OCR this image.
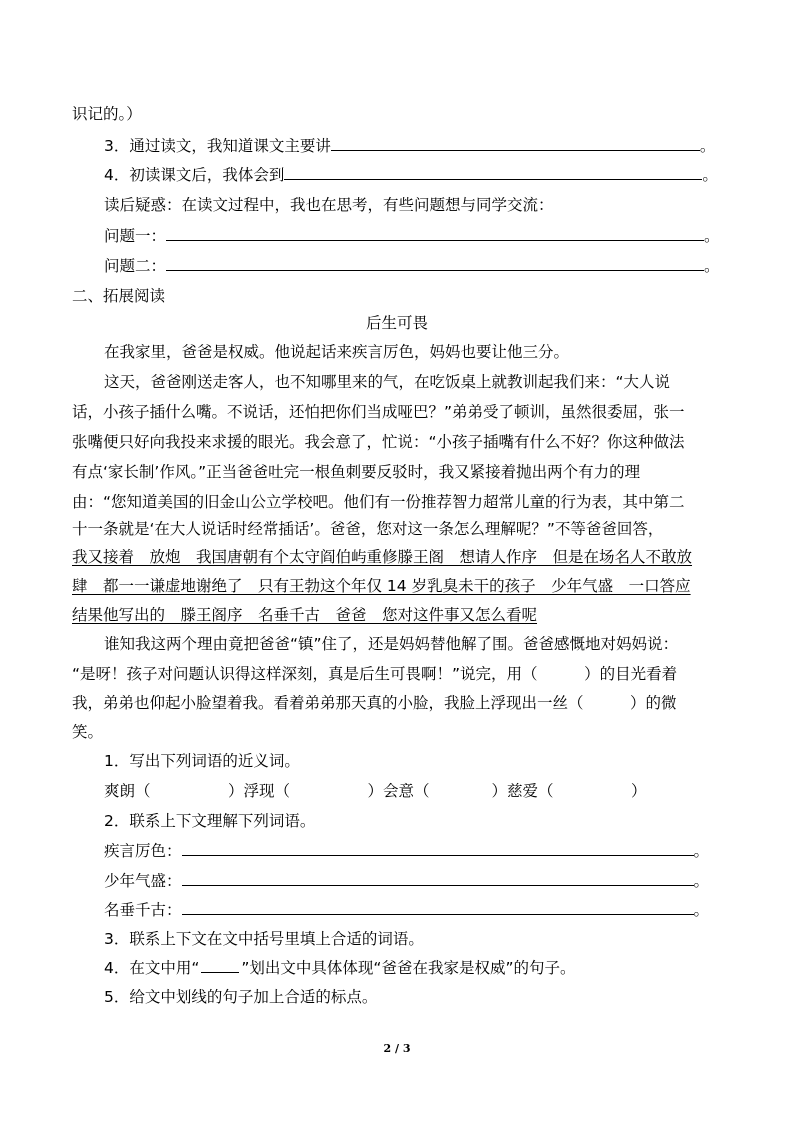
识记的。）
3．通过读文，我知道课文主要讲	。
4．初读课文后，我体会到	。
读后疑惑：在读文过程中，我也在思考，有些问题想与同学交流：
问题一：	。
问题二：	。
二、拓展阅读
后生可畏
在我家里，爸爸是权威。他说起话来疾言厉色，妈妈也要让他三分。
这天，爸爸刚送走客人，也不知哪里来的气，在吃饭桌上就教训起我们来：“大人说
话，小孩子插什么嘴。不说话，还怕把你们当成哑巴？”弟弟受了顿训，虽然很委屈，张一
张嘴便只好向我投来求援的眼光。我会意了，忙说：“小孩子插嘴有什么不好？你这种做法
有点‘家长制’作风。”正当爸爸吐完一根鱼刺要反驳时，我又紧接着抛出两个有力的理
由：“您知道美国的旧金山公立学校吧。他们有一份推荐智力超常儿童的行为表，其中第二
十一条就是‘在大人说话时经常插话’。爸爸，您对这一条怎么理解呢？”不等爸爸回答，
我又接着　放炮　我国唐朝有个太守阎伯屿重修滕王阁　想请人作序　但是在场名人不敢放
肆　都一一谦虚地谢绝了　只有王勃这个年仅 14 岁乳臭未干的孩子　少年气盛　一口答应
结果他写出的　滕王阁序　名垂千古　爸爸　您对这件事又怎么看呢
谁知我这两个理由竟把爸爸“镇”住了，还是妈妈替他解了围。爸爸感慨地对妈妈说：
“是呀！孩子对问题认识得这样深刻，真是后生可畏啊！”说完，用（　　　）的目光看着
我，弟弟也仰起小脸望着我。看着弟弟那天真的小脸，我脸上浮现出一丝（　　　）的微
笑。
1．写出下列词语的近义词。
爽朗（　　　　　）浮现（　　　　　）会意（　　　　）慈爱（　　　　　）
2．联系上下文理解下列词语。
疾言厉色：	。
少年气盛：	。
名垂千古：	。
3．联系上下文在文中括号里填上合适的词语。
4．在文中用“	”划出文中具体体现“爸爸在我家是权威”的句子。
5．给文中划线的句子加上合适的标点。
2 / 3
